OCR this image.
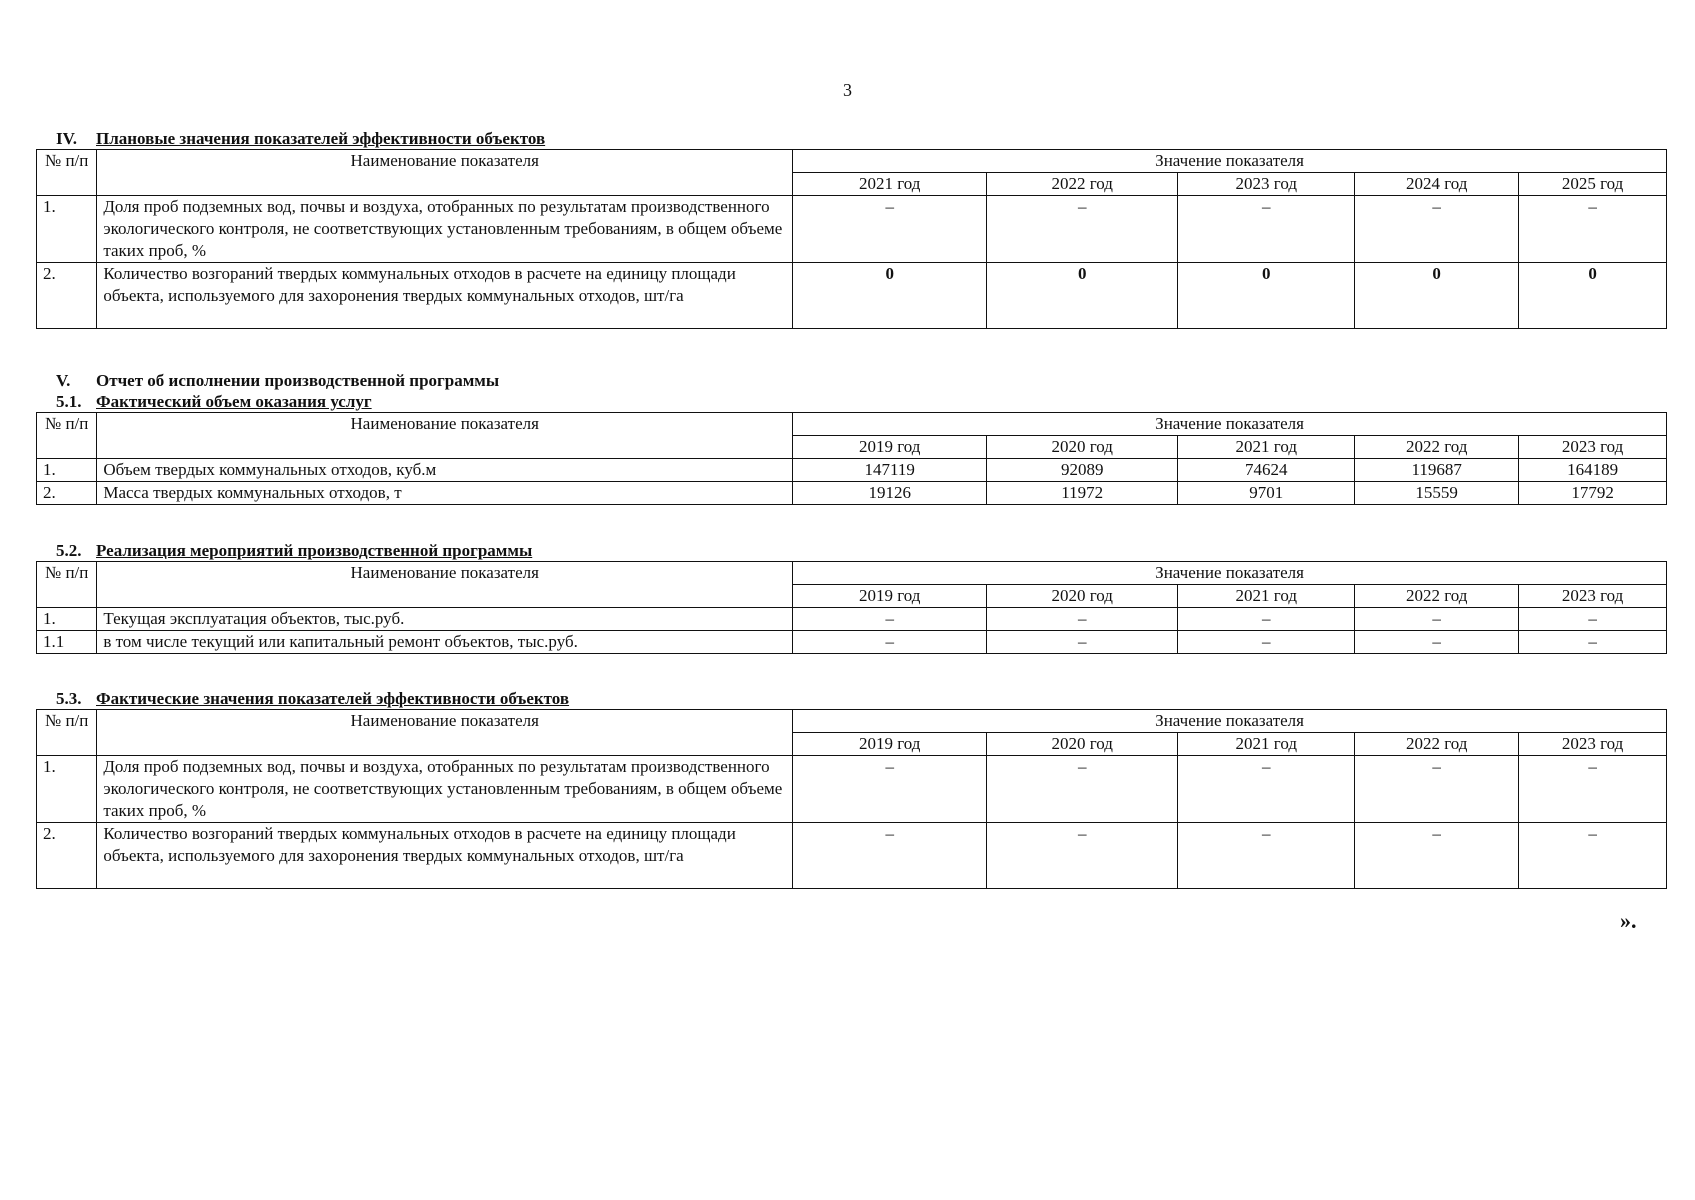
3
IV. Плановые значения показателей эффективности объектов
№ п/п	Наименование показателя	Значение показателя				
		2021 год	2022 год	2023 год	2024 год	2025 год
1.	Доля проб подземных вод, почвы и воздуха, отобранных по результатам производственного экологического контроля, не соответствующих установленным требованиям, в общем объеме таких проб, %	–	–	–	–	–
2.	Количество возгораний твердых коммунальных отходов в расчете на единицу площади объекта, используемого для захоронения твердых коммунальных отходов, шт/га	0	0	0	0	0
V. Отчет об исполнении производственной программы
5.1. Фактический объем оказания услуг
№ п/п	Наименование показателя	Значение показателя				
		2019 год	2020 год	2021 год	2022 год	2023 год
1.	Объем твердых коммунальных отходов, куб.м	147119	92089	74624	119687	164189
2.	Масса твердых коммунальных отходов, т	19126	11972	9701	15559	17792
5.2. Реализация мероприятий производственной программы
№ п/п	Наименование показателя	Значение показателя				
		2019 год	2020 год	2021 год	2022 год	2023 год
1.	Текущая эксплуатация объектов, тыс.руб.	–	–	–	–	–
1.1	в том числе текущий или капитальный ремонт объектов, тыс.руб.	–	–	–	–	–
5.3. Фактические значения показателей эффективности объектов
№ п/п	Наименование показателя	Значение показателя				
		2019 год	2020 год	2021 год	2022 год	2023 год
1.	Доля проб подземных вод, почвы и воздуха, отобранных по результатам производственного экологического контроля, не соответствующих установленным требованиям, в общем объеме таких проб, %	–	–	–	–	–
2.	Количество возгораний твердых коммунальных отходов в расчете на единицу площади объекта, используемого для захоронения твердых коммунальных отходов, шт/га	–	–	–	–	–
».
